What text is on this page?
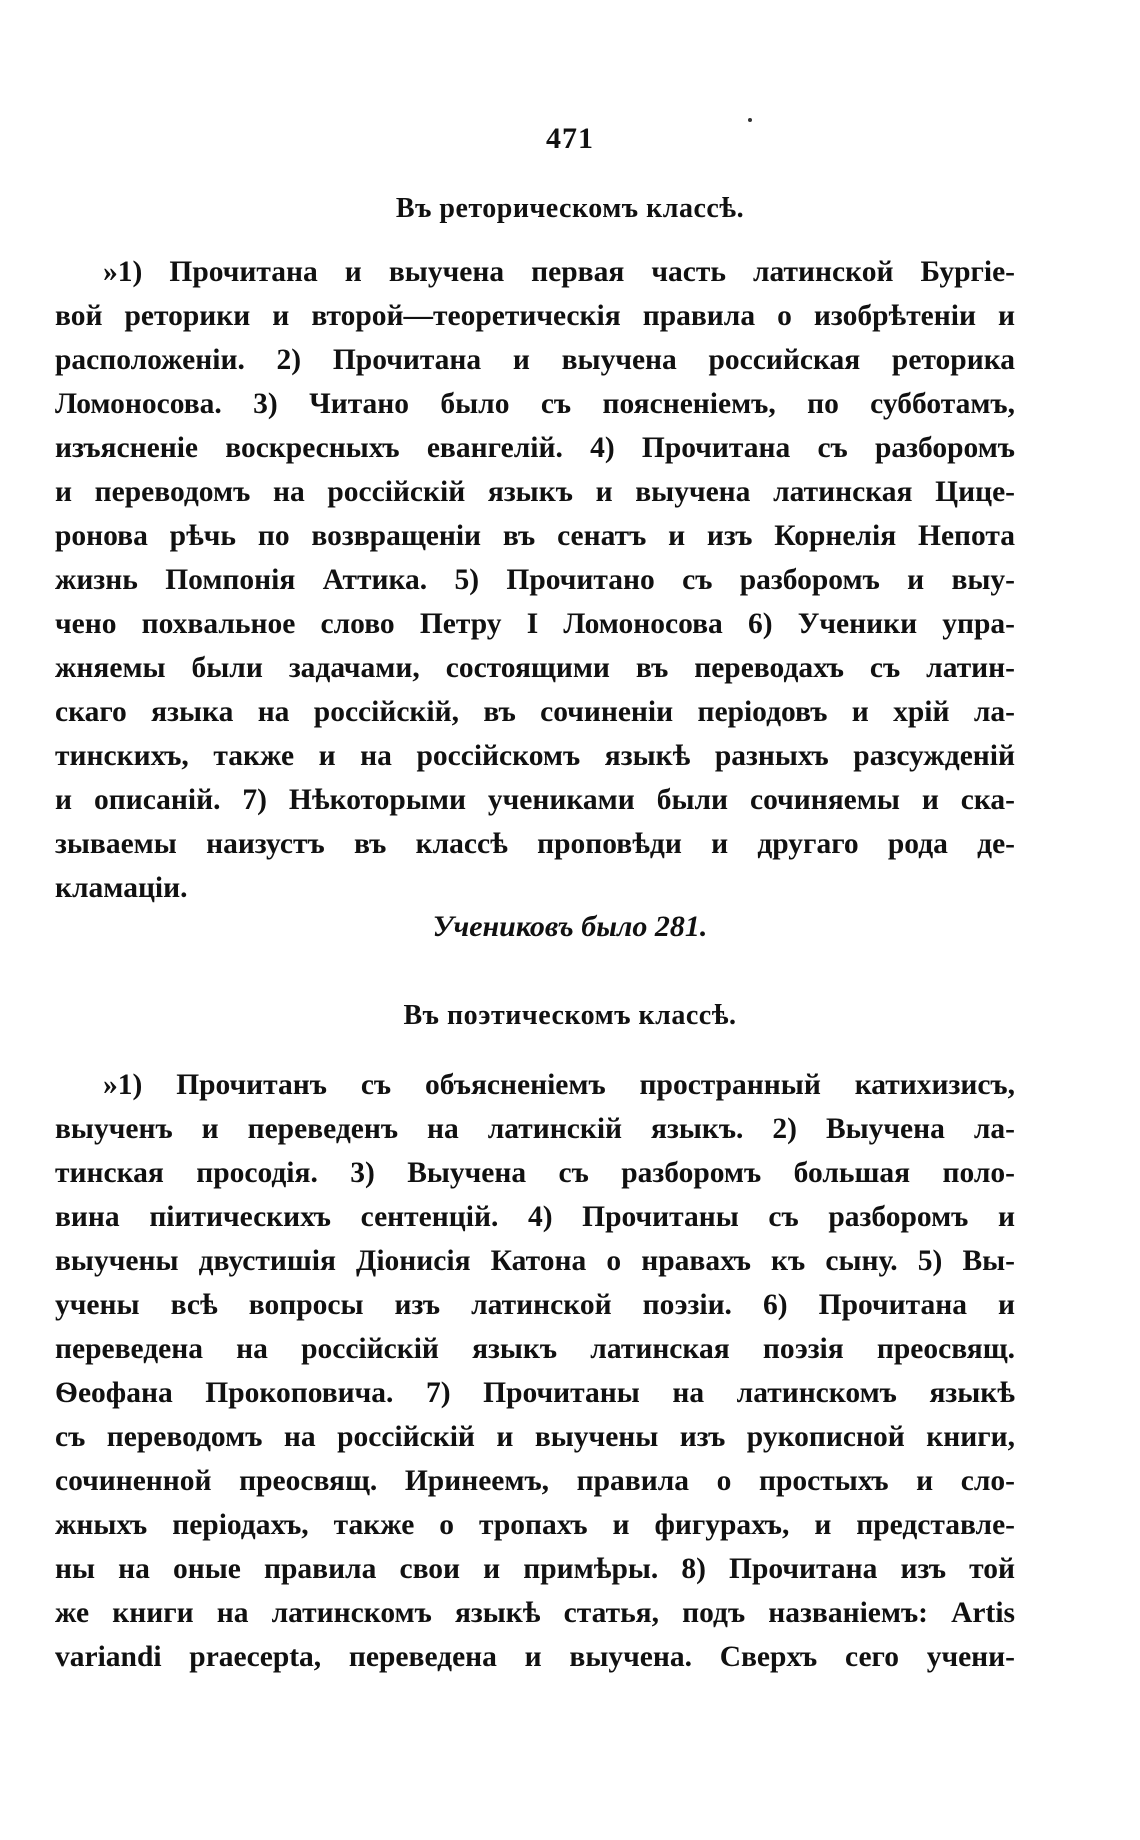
471
Въ реторическомъ классѣ.
»1) Прочитана и выучена первая часть латинской Бургіе-
вой реторики и второй—теоретическія правила о изобрѣтеніи и
расположеніи. 2) Прочитана и выучена российская реторика
Ломоносова. 3) Читано было съ поясненіемъ, по субботамъ,
изъясненіе воскресныхъ евангелій. 4) Прочитана съ разборомъ
и переводомъ на россійскій языкъ и выучена латинская Цице-
ронова рѣчь по возвращеніи въ сенатъ и изъ Корнелія Непота
жизнь Помпонія Аттика. 5) Прочитано съ разборомъ и выу-
чено похвальное слово Петру I Ломоносова 6) Ученики упра-
жняемы были задачами, состоящими въ переводахъ съ латин-
скаго языка на россійскій, въ сочиненіи періодовъ и хрій ла-
тинскихъ, также и на россійскомъ языкѣ разныхъ разсужденій
и описаній. 7) Нѣкоторыми учениками были сочиняемы и ска-
зываемы наизустъ въ классѣ проповѣди и другаго рода де-
кламаціи.
Учениковъ было 281.
Въ поэтическомъ классѣ.
»1) Прочитанъ съ объясненіемъ пространный катихизисъ,
выученъ и переведенъ на латинскій языкъ. 2) Выучена ла-
тинская просодія. 3) Выучена съ разборомъ большая поло-
вина піитическихъ сентенцій. 4) Прочитаны съ разборомъ и
выучены двустишія Діонисія Катона о нравахъ къ сыну. 5) Вы-
учены всѣ вопросы изъ латинской поэзіи. 6) Прочитана и
переведена на россійскій языкъ латинская поэзія преосвящ.
Ѳеофана Прокоповича. 7) Прочитаны на латинскомъ языкѣ
съ переводомъ на россійскій и выучены изъ рукописной книги,
сочиненной преосвящ. Иринеемъ, правила о простыхъ и сло-
жныхъ періодахъ, также о тропахъ и фигурахъ, и представле-
ны на оные правила свои и примѣры. 8) Прочитана изъ той
же книги на латинскомъ языкѣ статья, подъ названіемъ: Artis
variandi praecepta, переведена и выучена. Сверхъ сего учени-
